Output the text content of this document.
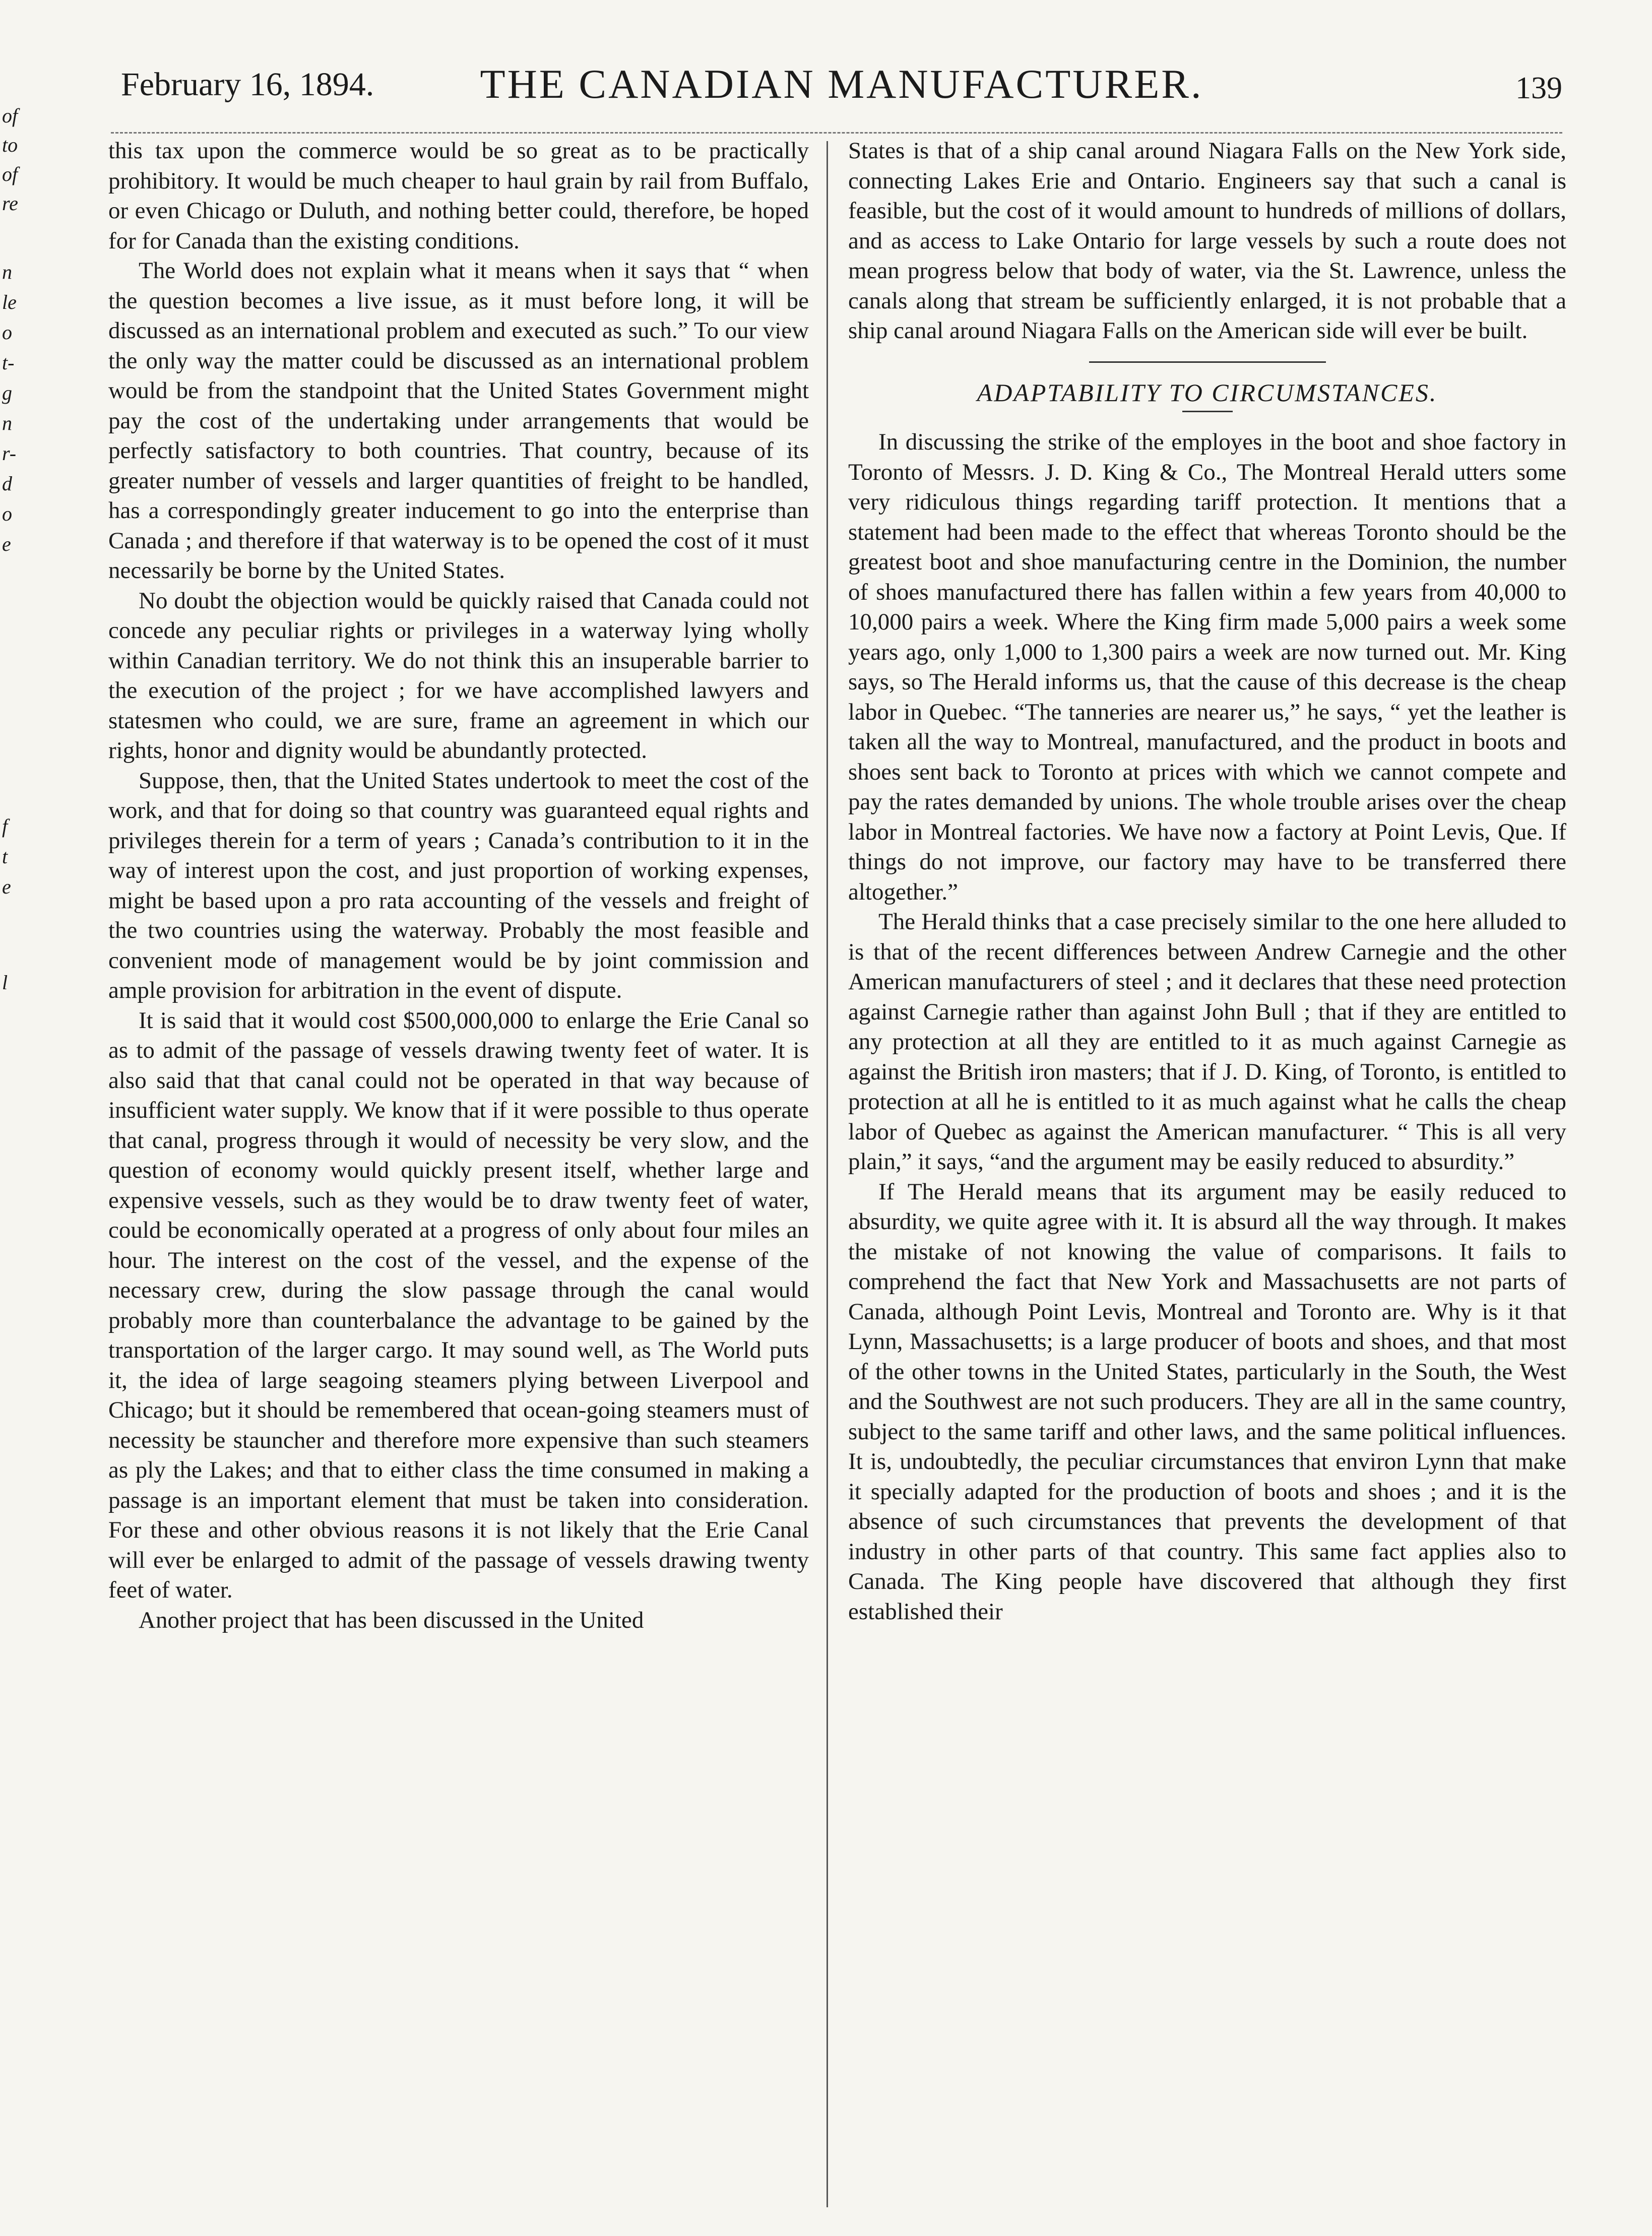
of
to
of
re
n
le
o
t-
g
n
r-
d
o
e
f
t
e
l
February 16, 1894.	THE CANADIAN MANUFACTURER.	139

this tax upon the commerce would be so great as to be practically prohibitory. It would be much cheaper to haul grain by rail from Buffalo, or even Chicago or Duluth, and nothing better could, therefore, be hoped for for Canada than the existing conditions.

The World does not explain what it means when it says that “ when the question becomes a live issue, as it must before long, it will be discussed as an international problem and executed as such.” To our view the only way the matter could be discussed as an international problem would be from the standpoint that the United States Government might pay the cost of the undertaking under arrangements that would be perfectly satisfactory to both countries. That country, because of its greater number of vessels and larger quantities of freight to be handled, has a correspondingly greater inducement to go into the enterprise than Canada ; and therefore if that waterway is to be opened the cost of it must necessarily be borne by the United States.

No doubt the objection would be quickly raised that Canada could not concede any peculiar rights or privileges in a waterway lying wholly within Canadian territory. We do not think this an insuperable barrier to the execution of the project ; for we have accomplished lawyers and statesmen who could, we are sure, frame an agreement in which our rights, honor and dignity would be abundantly protected.

Suppose, then, that the United States undertook to meet the cost of the work, and that for doing so that country was guaranteed equal rights and privileges therein for a term of years ; Canada’s contribution to it in the way of interest upon the cost, and just proportion of working expenses, might be based upon a pro rata accounting of the vessels and freight of the two countries using the waterway. Probably the most feasible and convenient mode of management would be by joint commission and ample provision for arbitration in the event of dispute.

It is said that it would cost $500,000,000 to enlarge the Erie Canal so as to admit of the passage of vessels drawing twenty feet of water. It is also said that that canal could not be operated in that way because of insufficient water supply. We know that if it were possible to thus operate that canal, progress through it would of necessity be very slow, and the question of economy would quickly present itself, whether large and expensive vessels, such as they would be to draw twenty feet of water, could be economically operated at a progress of only about four miles an hour. The interest on the cost of the vessel, and the expense of the necessary crew, during the slow passage through the canal would probably more than counterbalance the advantage to be gained by the transportation of the larger cargo. It may sound well, as The World puts it, the idea of large seagoing steamers plying between Liverpool and Chicago; but it should be remembered that ocean-going steamers must of necessity be stauncher and therefore more expensive than such steamers as ply the Lakes; and that to either class the time consumed in making a passage is an important element that must be taken into consideration. For these and other obvious reasons it is not likely that the Erie Canal will ever be enlarged to admit of the passage of vessels drawing twenty feet of water.

Another project that has been discussed in the United

States is that of a ship canal around Niagara Falls on the New York side, connecting Lakes Erie and Ontario. Engineers say that such a canal is feasible, but the cost of it would amount to hundreds of millions of dollars, and as access to Lake Ontario for large vessels by such a route does not mean progress below that body of water, via the St. Lawrence, unless the canals along that stream be sufficiently enlarged, it is not probable that a ship canal around Niagara Falls on the American side will ever be built.

ADAPTABILITY TO CIRCUMSTANCES.

In discussing the strike of the employes in the boot and shoe factory in Toronto of Messrs. J. D. King & Co., The Montreal Herald utters some very ridiculous things regarding tariff protection. It mentions that a statement had been made to the effect that whereas Toronto should be the greatest boot and shoe manufacturing centre in the Dominion, the number of shoes manufactured there has fallen within a few years from 40,000 to 10,000 pairs a week. Where the King firm made 5,000 pairs a week some years ago, only 1,000 to 1,300 pairs a week are now turned out. Mr. King says, so The Herald informs us, that the cause of this decrease is the cheap labor in Quebec. “The tanneries are nearer us,” he says, “ yet the leather is taken all the way to Montreal, manufactured, and the product in boots and shoes sent back to Toronto at prices with which we cannot compete and pay the rates demanded by unions. The whole trouble arises over the cheap labor in Montreal factories. We have now a factory at Point Levis, Que. If things do not improve, our factory may have to be transferred there altogether.”

The Herald thinks that a case precisely similar to the one here alluded to is that of the recent differences between Andrew Carnegie and the other American manufacturers of steel ; and it declares that these need protection against Carnegie rather than against John Bull ; that if they are entitled to any protection at all they are entitled to it as much against Carnegie as against the British iron masters; that if J. D. King, of Toronto, is entitled to protection at all he is entitled to it as much against what he calls the cheap labor of Quebec as against the American manufacturer. “ This is all very plain,” it says, “and the argument may be easily reduced to absurdity.”

If The Herald means that its argument may be easily reduced to absurdity, we quite agree with it. It is absurd all the way through. It makes the mistake of not knowing the value of comparisons. It fails to comprehend the fact that New York and Massachusetts are not parts of Canada, although Point Levis, Montreal and Toronto are. Why is it that Lynn, Massachusetts; is a large producer of boots and shoes, and that most of the other towns in the United States, particularly in the South, the West and the Southwest are not such producers. They are all in the same country, subject to the same tariff and other laws, and the same political influences. It is, undoubtedly, the peculiar circumstances that environ Lynn that make it specially adapted for the production of boots and shoes ; and it is the absence of such circumstances that prevents the development of that industry in other parts of that country. This same fact applies also to Canada. The King people have discovered that although they first established their
